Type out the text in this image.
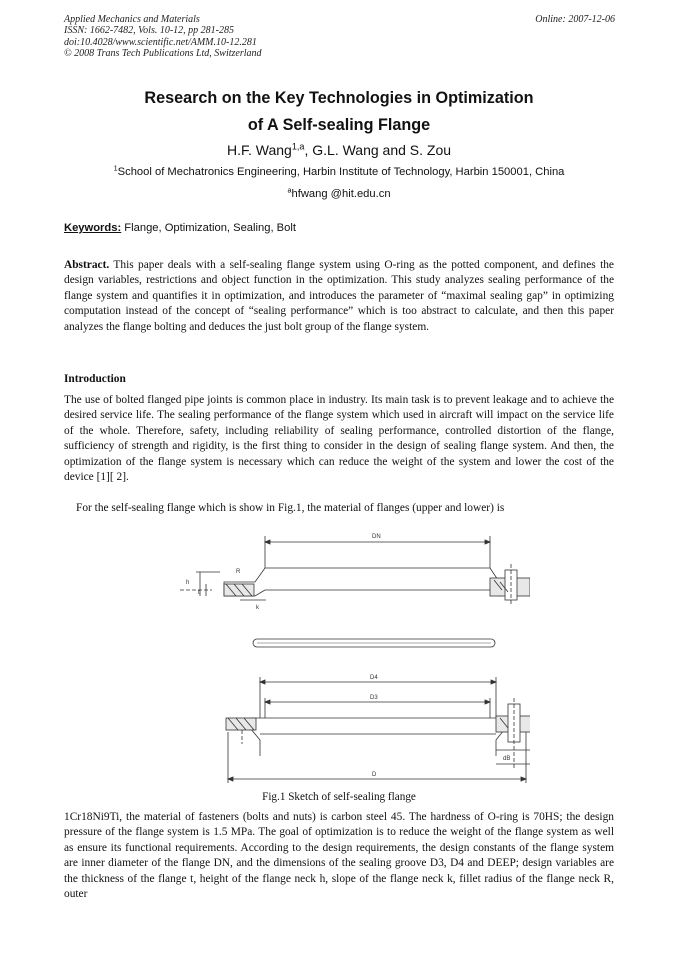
Applied Mechanics and Materials
ISSN: 1662-7482, Vols. 10-12, pp 281-285
doi:10.4028/www.scientific.net/AMM.10-12.281
© 2008 Trans Tech Publications Ltd, Switzerland
Online: 2007-12-06
Research on the Key Technologies in Optimization
of A Self-sealing Flange
H.F. Wang$^{1,a}$, G.L. Wang and S. Zou
$^1$School of Mechatronics Engineering, Harbin Institute of Technology, Harbin 150001, China
$^a$hfwang @hit.edu.cn
Keywords: Flange, Optimization, Sealing, Bolt

Abstract. This paper deals with a self-sealing flange system using O-ring as the potted component, and defines the design variables, restrictions and object function in the optimization. This study analyzes sealing performance of the flange system and quantifies it in optimization, and introduces the parameter of “maximal sealing gap” in optimizing computation instead of the concept of “sealing performance” which is too abstract to calculate, and then this paper analyzes the flange bolting and deduces the just bolt group of the flange system.

Introduction

The use of bolted flanged pipe joints is common place in industry. Its main task is to prevent leakage and to achieve the desired service life. The sealing performance of the flange system which used in aircraft will impact on the service life of the whole. Therefore, safety, including reliability of sealing performance, controlled distortion of the flange, sufficiency of strength and rigidity, is the first thing to consider in the design of sealing flange system. And then, the optimization of the flange system is necessary which can reduce the weight of the system and lower the cost of the device [1][ 2].

For the self-sealing flange which is show in Fig.1, the material of flanges (upper and lower) is

DN
R
h
t
k
D4
D3
dB
D
Fig.1 Sketch of self-sealing flange

1Cr18Ni9Ti, the material of fasteners (bolts and nuts) is carbon steel 45. The hardness of O-ring is 70HS; the design pressure of the flange system is 1.5 MPa. The goal of optimization is to reduce the weight of the flange system as well as ensure its functional requirements. According to the design requirements, the design constants of the flange system are inner diameter of the flange DN, and the dimensions of the sealing groove D3, D4 and DEEP; design variables are the thickness of the flange t, height of the flange neck h, slope of the flange neck k, fillet radius of the flange neck R, outer
